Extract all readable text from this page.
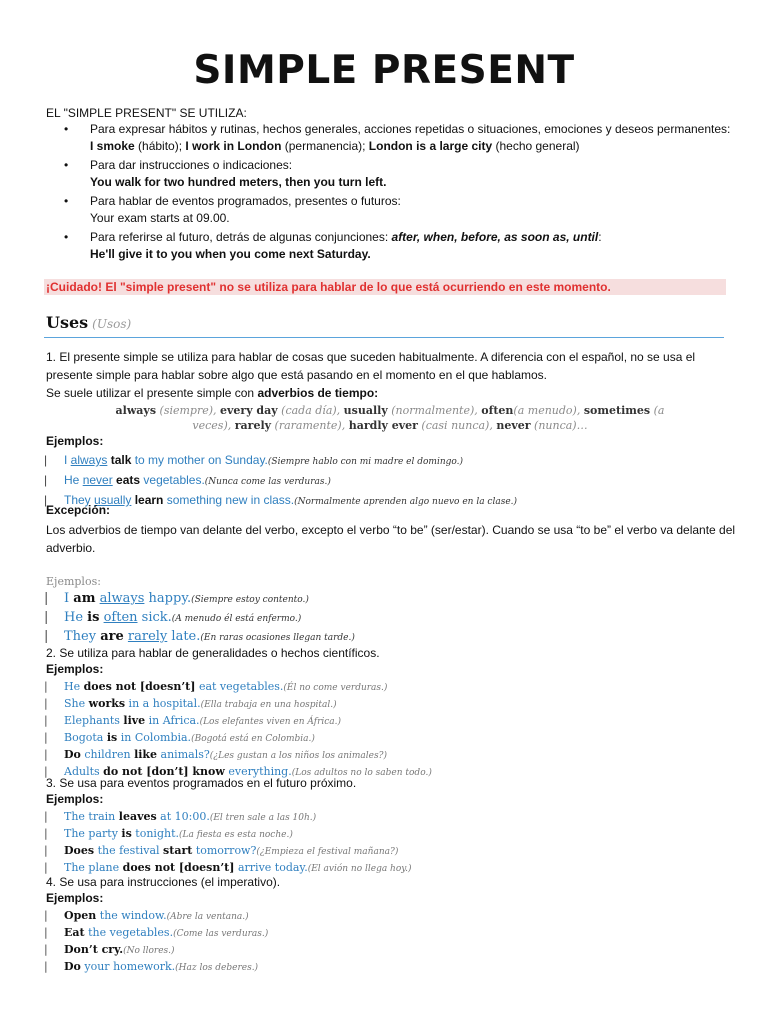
SIMPLE PRESENT
EL "SIMPLE PRESENT" SE UTILIZA:
• Para expresar hábitos y rutinas, hechos generales, acciones repetidas o situaciones, emociones y deseos permanentes:
I smoke (hábito); I work in London (permanencia); London is a large city (hecho general)
• Para dar instrucciones o indicaciones:
You walk for two hundred meters, then you turn left.
• Para hablar de eventos programados, presentes o futuros:
Your exam starts at 09.00.
• Para referirse al futuro, detrás de algunas conjunciones: after, when, before, as soon as, until:
He'll give it to you when you come next Saturday.
¡Cuidado! El "simple present" no se utiliza para hablar de lo que está ocurriendo en este momento.
Uses (Usos)
1. El presente simple se utiliza para hablar de cosas que suceden habitualmente. A diferencia con el español, no se usa el presente simple para hablar sobre algo que está pasando en el momento en el que hablamos.
Se suele utilizar el presente simple con adverbios de tiempo:
always (siempre), every day (cada día), usually (normalmente), often(a menudo), sometimes (a veces), rarely (raramente), hardly ever (casi nunca), never (nunca)…
Ejemplos:
| I always talk to my mother on Sunday.(Siempre hablo con mi madre el domingo.)
| He never eats vegetables.(Nunca come las verduras.)
| They usually learn something new in class.(Normalmente aprenden algo nuevo en la clase.)
Excepción:
Los adverbios de tiempo van delante del verbo, excepto el verbo “to be” (ser/estar). Cuando se usa “to be” el verbo va delante del adverbio.
Ejemplos:
| I am always happy.(Siempre estoy contento.)
| He is often sick.(A menudo él está enfermo.)
| They are rarely late.(En raras ocasiones llegan tarde.)
2. Se utiliza para hablar de generalidades o hechos científicos.
Ejemplos:
| He does not [doesn’t] eat vegetables.(Él no come verduras.)
| She works in a hospital.(Ella trabaja en una hospital.)
| Elephants live in Africa.(Los elefantes viven en África.)
| Bogota is in Colombia.(Bogotá está en Colombia.)
| Do children like animals?(¿Les gustan a los niños los animales?)
| Adults do not [don’t] know everything.(Los adultos no lo saben todo.)
3. Se usa para eventos programados en el futuro próximo.
Ejemplos:
| The train leaves at 10:00.(El tren sale a las 10h.)
| The party is tonight.(La fiesta es esta noche.)
| Does the festival start tomorrow?(¿Empieza el festival mañana?)
| The plane does not [doesn’t] arrive today.(El avión no llega hoy.)
4. Se usa para instrucciones (el imperativo).
Ejemplos:
| Open the window.(Abre la ventana.)
| Eat the vegetables.(Come las verduras.)
| Don’t cry.(No llores.)
| Do your homework.(Haz los deberes.)
